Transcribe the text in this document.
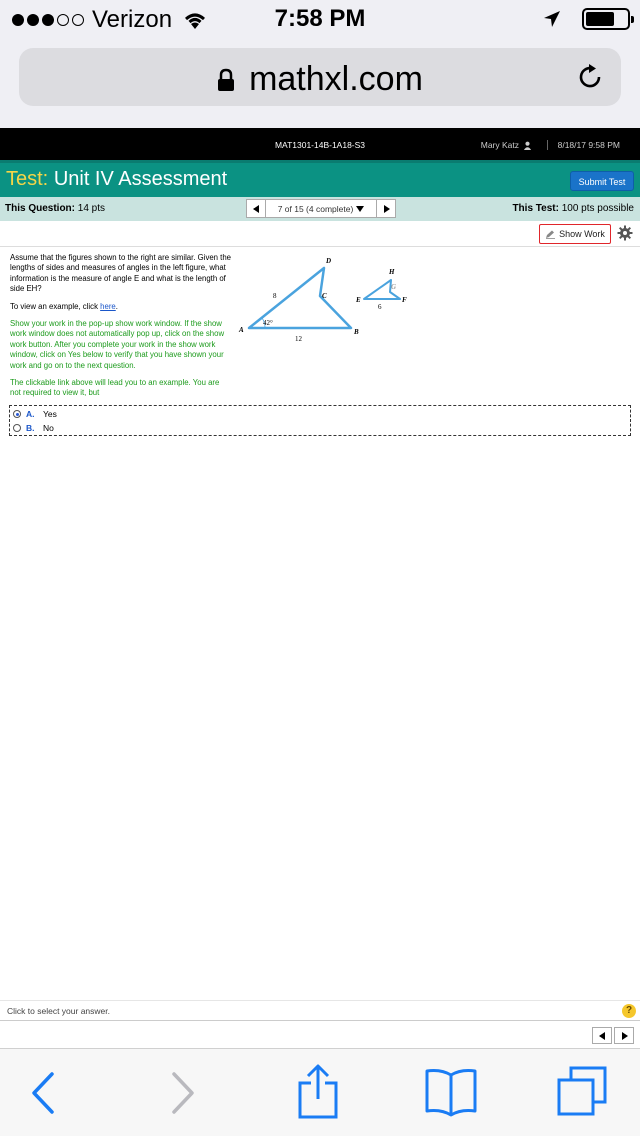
Verizon	7:58 PM
mathxl.com
MAT1301-14B-1A18-S3	Mary Katz	8/18/17 9:58 PM
Test: Unit IV Assessment	Submit Test
This Question: 14 pts	7 of 15 (4 complete)	This Test: 100 pts possible
Show Work

Assume that the figures shown to the right are similar. Given the lengths of sides and measures of angles in the left figure, what information is the measure of angle E and what is the length of side EH?

To view an example, click here.

Show your work in the pop-up show work window. If the show work window does not automatically pop up, click on the show work button. After you complete your work in the show work window, click on Yes below to verify that you have shown your work and go on to the next question.

The clickable link above will lead you to an example. You are not required to view it, but

A	B
C
D
8
12
42°
E	F
G
H
6
A.	Yes
B.	No
Click to select your answer.	?
